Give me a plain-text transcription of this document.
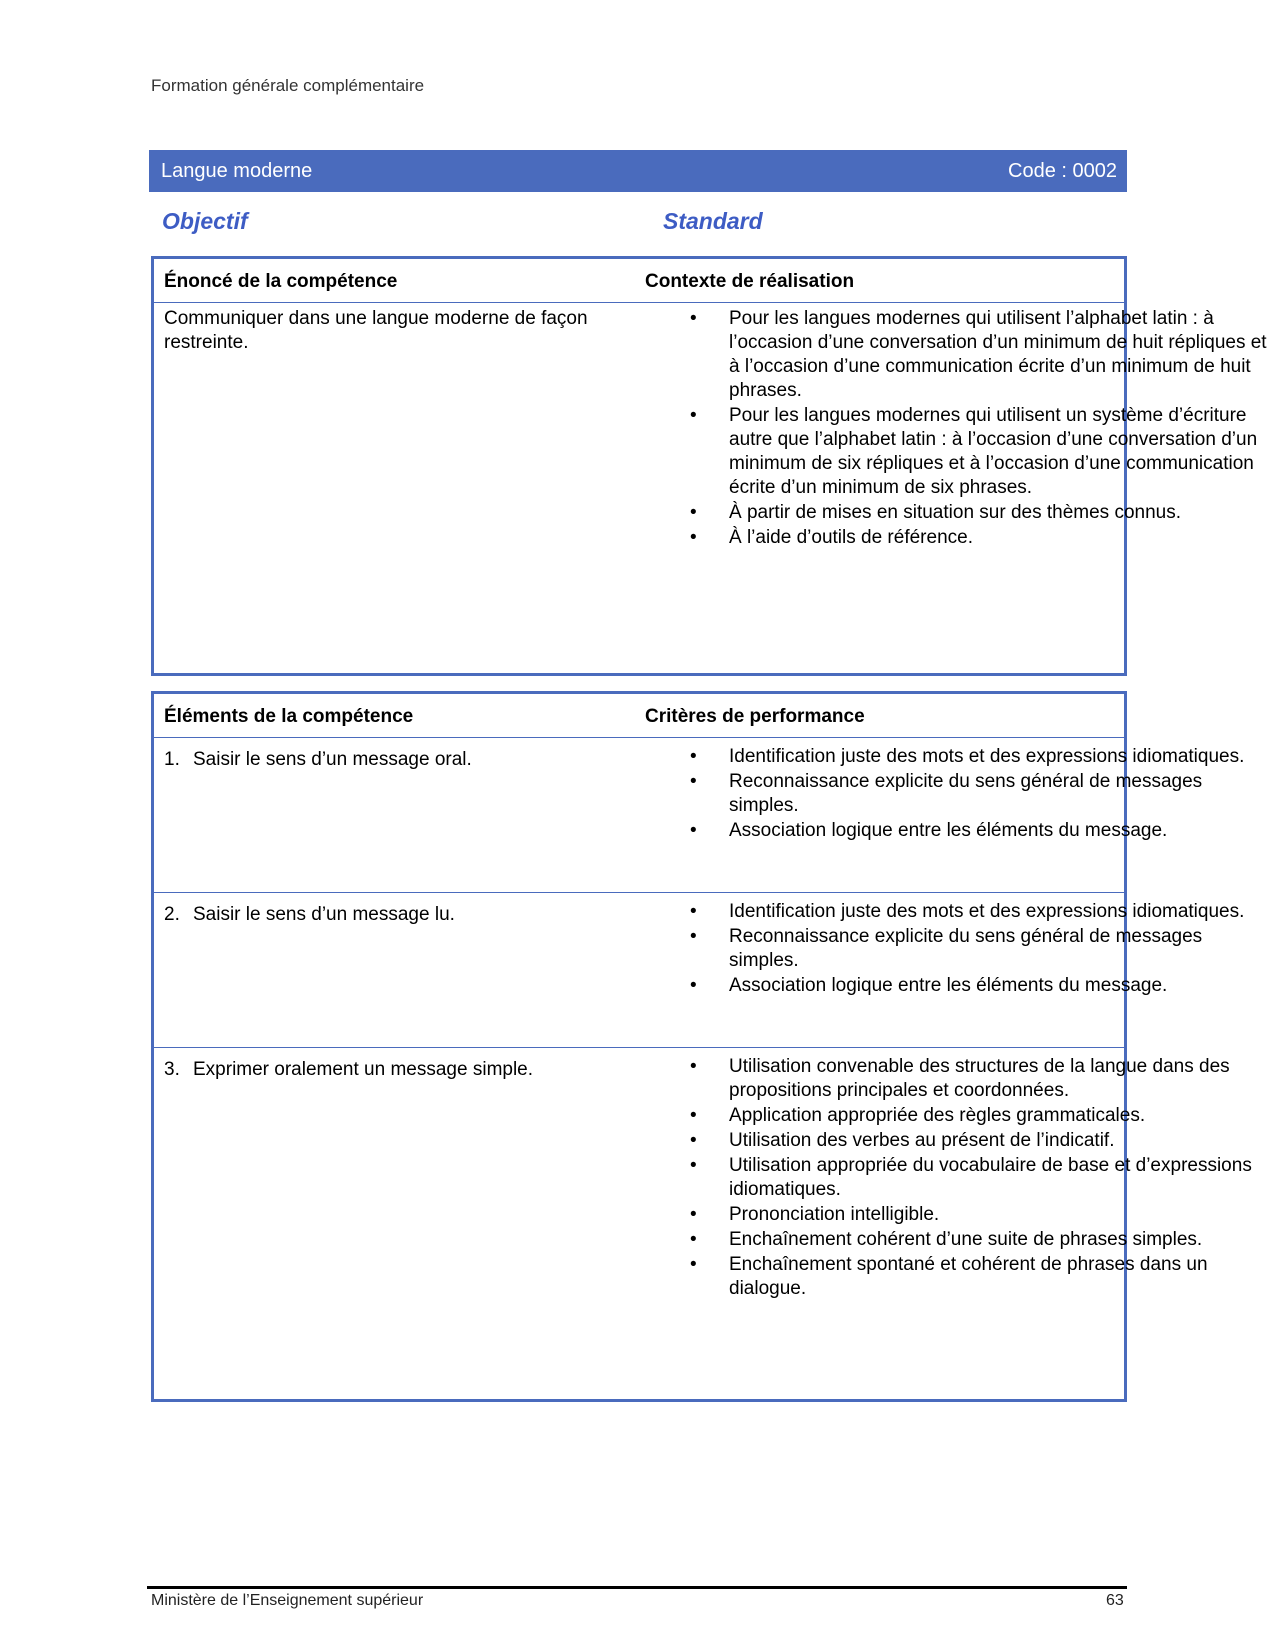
Formation générale complémentaire
Langue moderne	Code : 0002
Objectif	Standard
Énoncé de la compétence	Contexte de réalisation
Communiquer dans une langue moderne de façon restreinte.
• Pour les langues modernes qui utilisent l’alphabet latin : à l’occasion d’une conversation d’un minimum de huit répliques et à l’occasion d’une communication écrite d’un minimum de huit phrases.
• Pour les langues modernes qui utilisent un système d’écriture autre que l’alphabet latin : à l’occasion d’une conversation d’un minimum de six répliques et à l’occasion d’une communication écrite d’un minimum de six phrases.
• À partir de mises en situation sur des thèmes connus.
• À l’aide d’outils de référence.
Éléments de la compétence	Critères de performance
1. Saisir le sens d’un message oral.	• Identification juste des mots et des expressions idiomatiques.
• Reconnaissance explicite du sens général de messages simples.
• Association logique entre les éléments du message.
2. Saisir le sens d’un message lu.	• Identification juste des mots et des expressions idiomatiques.
• Reconnaissance explicite du sens général de messages simples.
• Association logique entre les éléments du message.
3. Exprimer oralement un message simple.	• Utilisation convenable des structures de la langue dans des propositions principales et coordonnées.
• Application appropriée des règles grammaticales.
• Utilisation des verbes au présent de l’indicatif.
• Utilisation appropriée du vocabulaire de base et d’expressions idiomatiques.
• Prononciation intelligible.
• Enchaînement cohérent d’une suite de phrases simples.
• Enchaînement spontané et cohérent de phrases dans un dialogue.
Ministère de l’Enseignement supérieur	63
